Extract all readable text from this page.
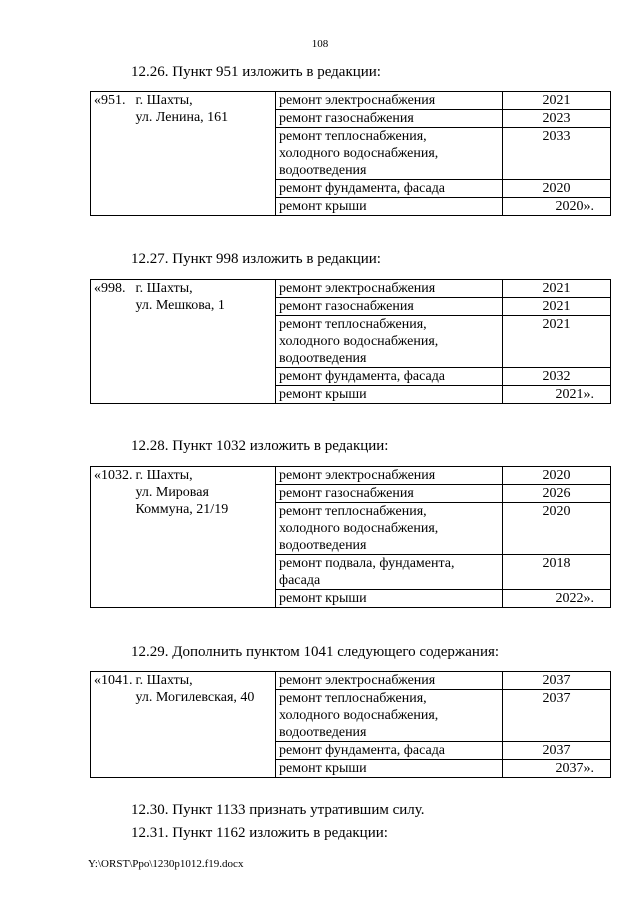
108
12.26. Пункт 951 изложить в редакции:
«951.	г. Шахты,
ул. Ленина, 161	ремонт электроснабжения	2021

		ремонт газоснабжения	2023

		ремонт теплоснабжения,
холодного водоснабжения,
водоотведения	2033

		ремонт фундамента, фасада	2020

		ремонт крыши	2020».
12.27. Пункт 998 изложить в редакции:
«998.	г. Шахты,
ул. Мешкова, 1	ремонт электроснабжения	2021

		ремонт газоснабжения	2021

		ремонт теплоснабжения,
холодного водоснабжения,
водоотведения	2021

		ремонт фундамента, фасада	2032

		ремонт крыши	2021».
12.28. Пункт 1032 изложить в редакции:
«1032.	г. Шахты,
ул. Мировая
Коммуна, 21/19	ремонт электроснабжения	2020

		ремонт газоснабжения	2026

		ремонт теплоснабжения,
холодного водоснабжения,
водоотведения	2020

		ремонт подвала, фундамента,
фасада	2018

		ремонт крыши	2022».
12.29. Дополнить пунктом 1041 следующего содержания:
«1041.	г. Шахты,
ул. Могилевская, 40	ремонт электроснабжения	2037

		ремонт теплоснабжения,
холодного водоснабжения,
водоотведения	2037

		ремонт фундамента, фасада	2037

		ремонт крыши	2037».
12.30. Пункт 1133 признать утратившим силу.
12.31. Пункт 1162 изложить в редакции:
Y:\ORST\Ppo\1230p1012.f19.docx
